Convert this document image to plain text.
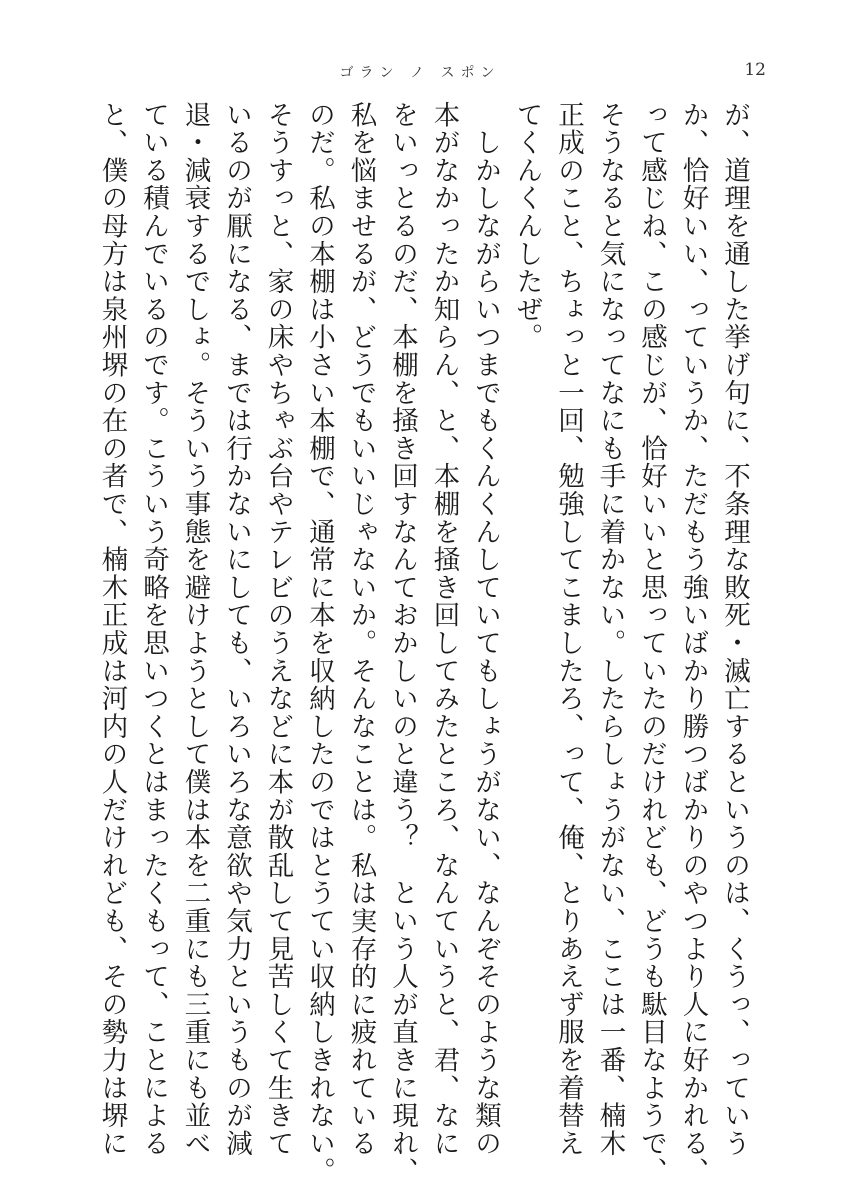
ゴラン ノ スポン	12
が、道理を通した挙げ句に、不条理な敗死・滅亡するというのは、くうっ、っていう
か、恰好いい、っていうか、ただもう強いばかり勝つばかりのやつより人に好かれる、
って感じね、この感じが、恰好いいと思っていたのだけれども、どうも駄目なようで、
そうなると気になってなにも手に着かない。したらしょうがない、ここは一番、楠木
正成のこと、ちょっと一回、勉強してこましたろ、って、俺、とりあえず服を着替え
てくんくんしたぜ。
　しかしながらいつまでもくんくんしていてもしょうがない、なんぞそのような類の
本がなかったか知らん、と、本棚を掻き回してみたところ、なんていうと、君、なに
をいっとるのだ、本棚を掻き回すなんておかしいのと違う？　という人が直きに現れ、
私を悩ませるが、どうでもいいじゃないか。そんなことは。私は実存的に疲れている
のだ。私の本棚は小さい本棚で、通常に本を収納したのではとうてい収納しきれない。
そうすっと、家の床やちゃぶ台やテレビのうえなどに本が散乱して見苦しくて生きて
いるのが厭になる、までは行かないにしても、いろいろな意欲や気力というものが減
退・減衰するでしょ。そういう事態を避けようとして僕は本を二重にも三重にも並べ
ている積んでいるのです。こういう奇略を思いつくとはまったくもって、ことによる
と、僕の母方は泉州堺の在の者で、楠木正成は河内の人だけれども、その勢力は堺に
